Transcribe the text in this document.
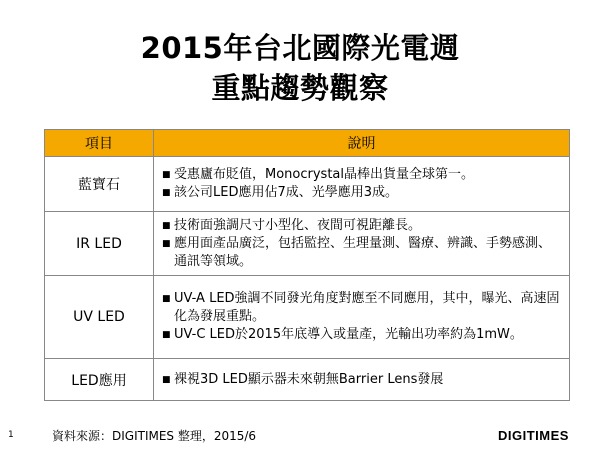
2015年台北國際光電週
重點趨勢觀察
項目	說明
藍寶石	■ 受惠廬布貶值，Monocrystal晶棒出貨量全球第一。
■ 該公司LED應用佔7成、光學應用3成。

IR LED	■ 技術面強調尺寸小型化、夜間可視距離長。
■ 應用面產品廣泛，包括監控、生理量測、醫療、辨識、手勢感測、通訊等領域。

UV LED	■ UV-A LED強調不同發光角度對應至不同應用，其中，曝光、高速固化為發展重點。
■ UV-C LED於2015年底導入或量產，光輸出功率約為1mW。

LED應用	■ 裸視3D LED顯示器未來朝無Barrier Lens發展
1	資料來源：DIGITIMES 整理，2015/6	DIGITIMES
